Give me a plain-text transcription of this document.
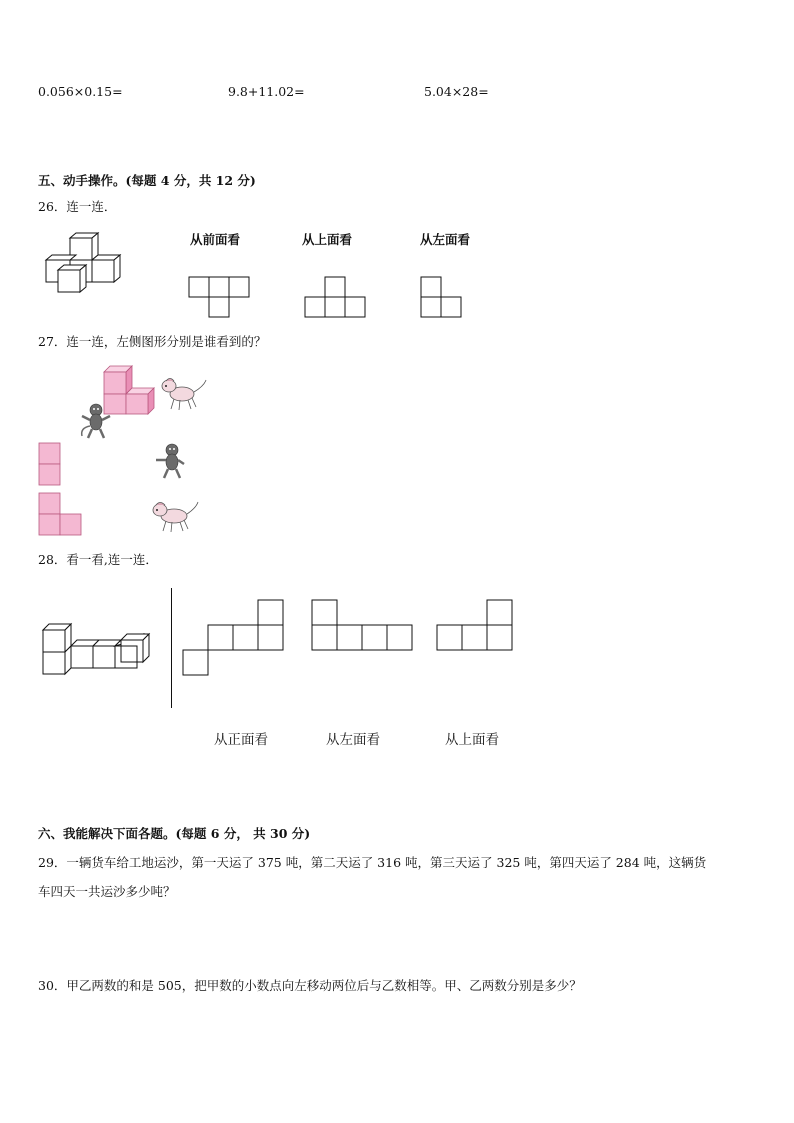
0.056×0.15=	9.8+11.02=	5.04×28=
五、动手操作。(每题 4 分，共 12 分)
26．连一连．
从前面看	从上面看	从左面看
27．连一连，左侧图形分别是谁看到的？
28．看一看,连一连．
从正面看	从左面看	从上面看
六、我能解决下面各题。(每题 6 分， 共 30 分)
29．一辆货车给工地运沙，第一天运了 375 吨，第二天运了 316 吨，第三天运了 325 吨，第四天运了 284 吨，这辆货
车四天一共运沙多少吨？
30．甲乙两数的和是 505，把甲数的小数点向左移动两位后与乙数相等。甲、乙两数分别是多少？
